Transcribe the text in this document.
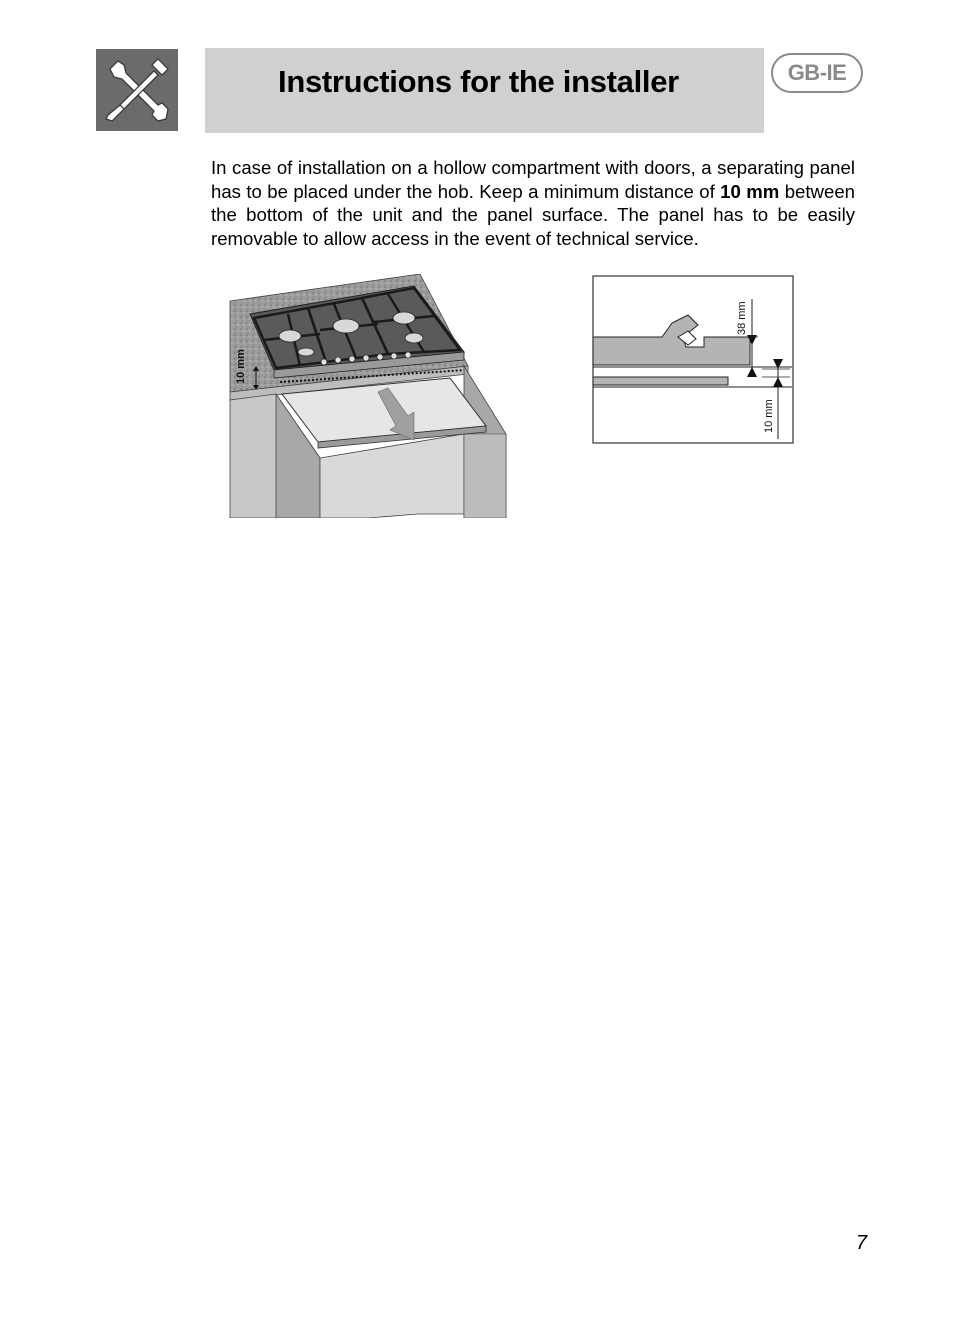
Instructions for the installer	GB-IE
In case of installation on a hollow compartment with doors, a separating panel has to be placed under the hob. Keep a minimum distance of 10 mm between the bottom of the unit and the panel surface. The panel has to be easily removable to allow access in the event of technical service.
10 mm
38 mm
10 mm
7
